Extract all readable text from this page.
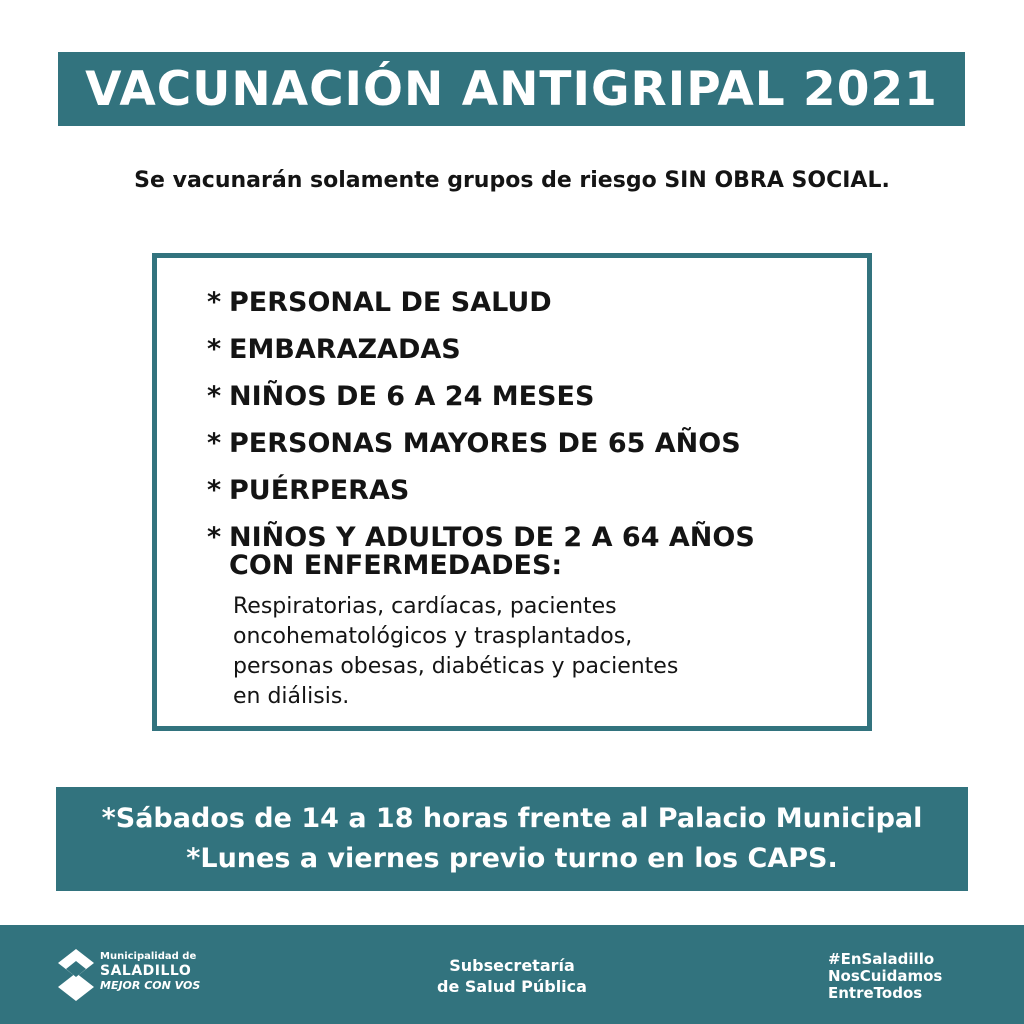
VACUNACIÓN ANTIGRIPAL 2021
Se vacunarán solamente grupos de riesgo SIN OBRA SOCIAL.
* PERSONAL DE SALUD
* EMBARAZADAS
* NIÑOS DE 6 A 24 MESES
* PERSONAS MAYORES DE 65 AÑOS
* PUÉRPERAS
* NIÑOS Y ADULTOS DE 2 A 64 AÑOS
CON ENFERMEDADES:
Respiratorias, cardíacas, pacientes
oncohematológicos y trasplantados,
personas obesas, diabéticas y pacientes
en diálisis.
*Sábados de 14 a 18 horas frente al Palacio Municipal
*Lunes a viernes previo turno en los CAPS.
Municipalidad de
SALADILLO
MEJOR CON VOS
Subsecretaría
de Salud Pública
#EnSaladillo
NosCuidamos
EntreTodos
